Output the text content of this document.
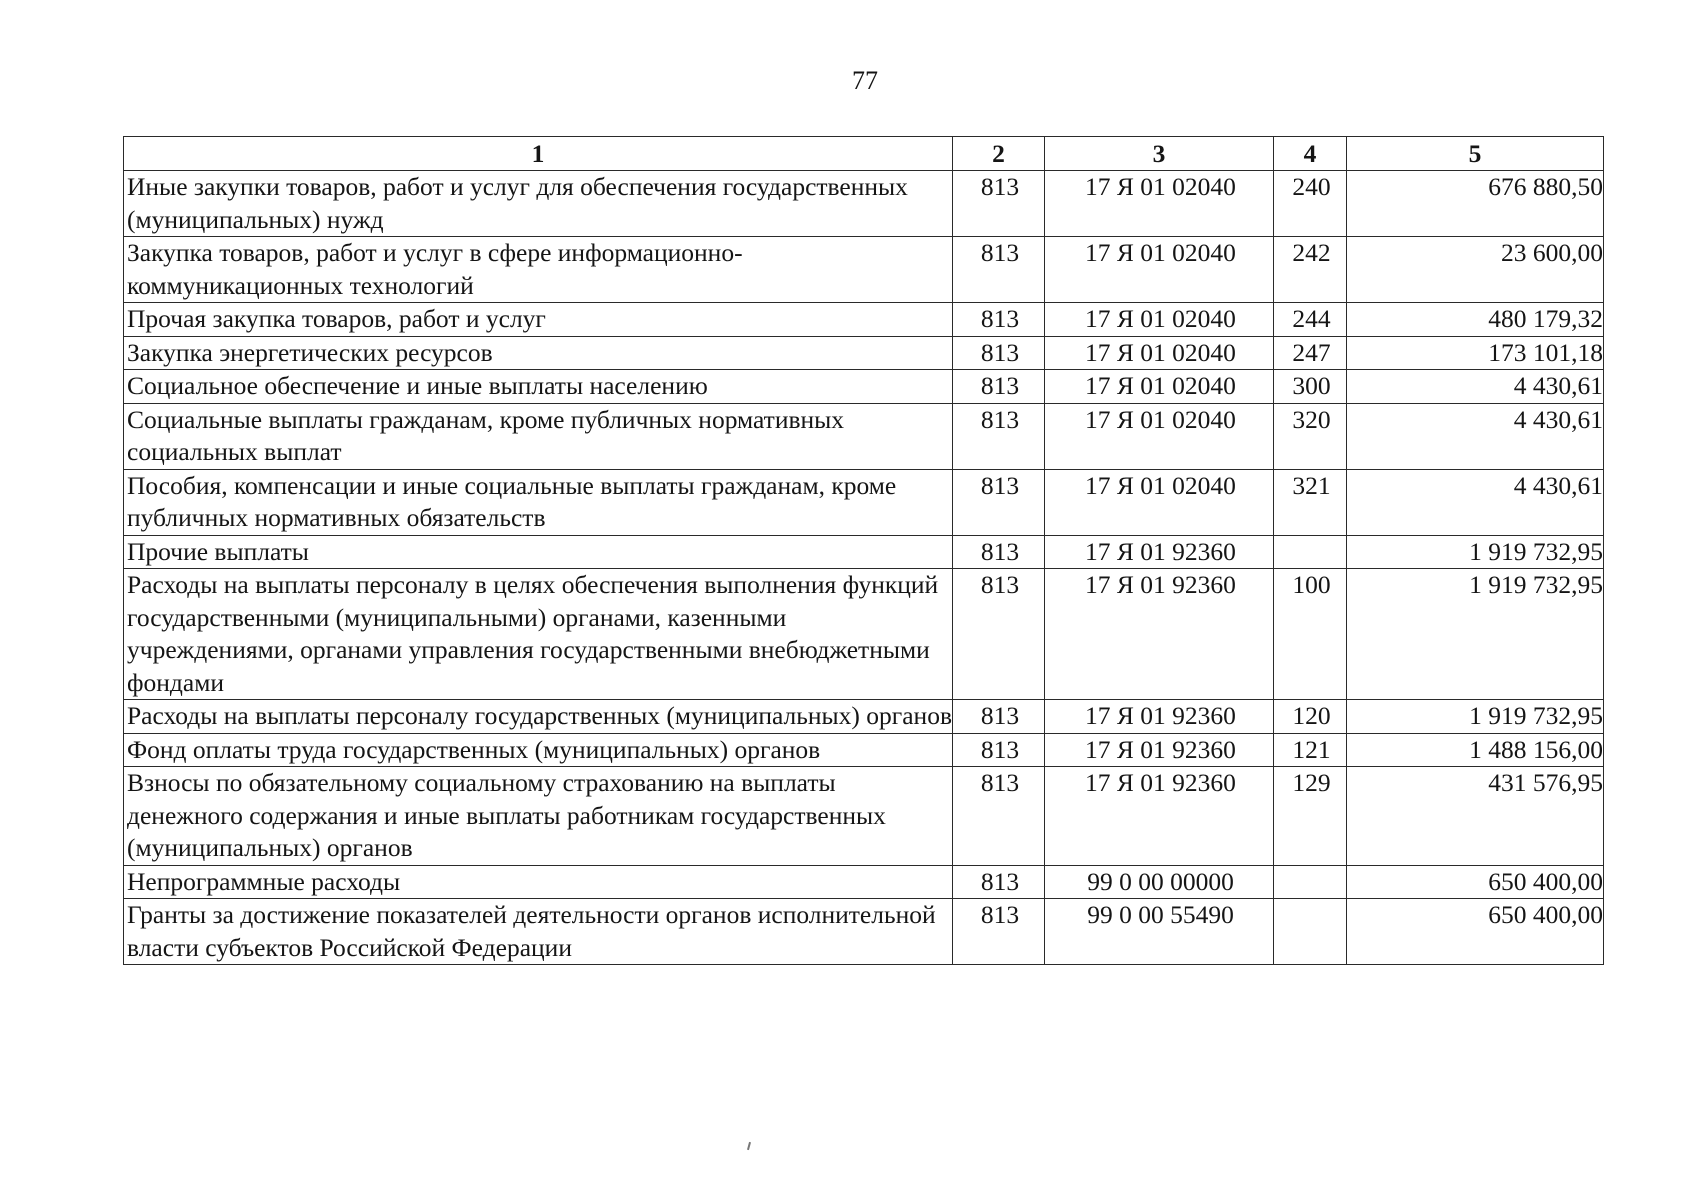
77
1	2	3	4	5
Иные закупки товаров, работ и услуг для обеспечения государственных (муниципальных) нужд	813	17 Я 01 02040	240	676 880,50
Закупка товаров, работ и услуг в сфере информационно-коммуникационных технологий	813	17 Я 01 02040	242	23 600,00
Прочая закупка товаров, работ и услуг	813	17 Я 01 02040	244	480 179,32
Закупка энергетических ресурсов	813	17 Я 01 02040	247	173 101,18
Социальное обеспечение и иные выплаты населению	813	17 Я 01 02040	300	4 430,61
Социальные выплаты гражданам, кроме публичных нормативных социальных выплат	813	17 Я 01 02040	320	4 430,61
Пособия, компенсации и иные социальные выплаты гражданам, кроме публичных нормативных обязательств	813	17 Я 01 02040	321	4 430,61
Прочие выплаты	813	17 Я 01 92360		1 919 732,95
Расходы на выплаты персоналу в целях обеспечения выполнения функций государственными (муниципальными) органами, казенными учреждениями, органами управления государственными внебюджетными фондами	813	17 Я 01 92360	100	1 919 732,95
Расходы на выплаты персоналу государственных (муниципальных) органов	813	17 Я 01 92360	120	1 919 732,95
Фонд оплаты труда государственных (муниципальных) органов	813	17 Я 01 92360	121	1 488 156,00
Взносы по обязательному социальному страхованию на выплаты денежного содержания и иные выплаты работникам государственных (муниципальных) органов	813	17 Я 01 92360	129	431 576,95
Непрограммные расходы	813	99 0 00 00000		650 400,00
Гранты за достижение показателей деятельности органов исполнительной власти субъектов Российской Федерации	813	99 0 00 55490		650 400,00
